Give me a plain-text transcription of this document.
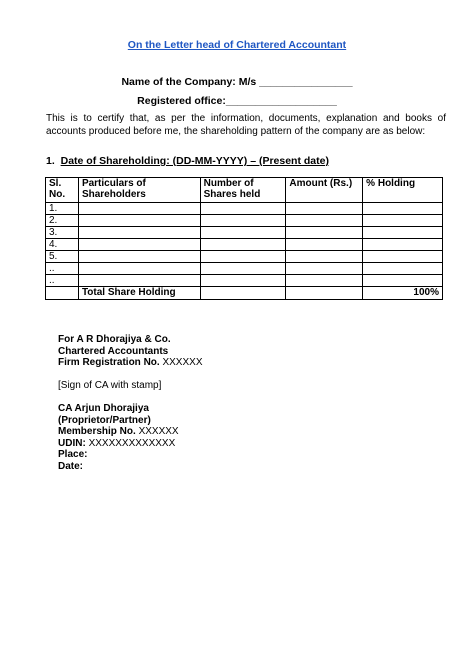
On the Letter head of Chartered Accountant
Name of the Company: M/s ________________
Registered office:___________________
This is to certify that, as per the information, documents, explanation and books of accounts produced before me, the shareholding pattern of the company are as below:
1. Date of Shareholding: (DD-MM-YYYY) – (Present date)
Sl. No.	Particulars of Shareholders	Number of Shares held	Amount (Rs.)	% Holding
1.				
2.				
3.				
4.				
5.				
..				
..				
	Total Share Holding			100%
For A R Dhorajiya & Co.
Chartered Accountants
Firm Registration No. XXXXXX
[Sign of CA with stamp]
CA Arjun Dhorajiya
(Proprietor/Partner)
Membership No. XXXXXX
UDIN: XXXXXXXXXXXXX
Place:
Date:
